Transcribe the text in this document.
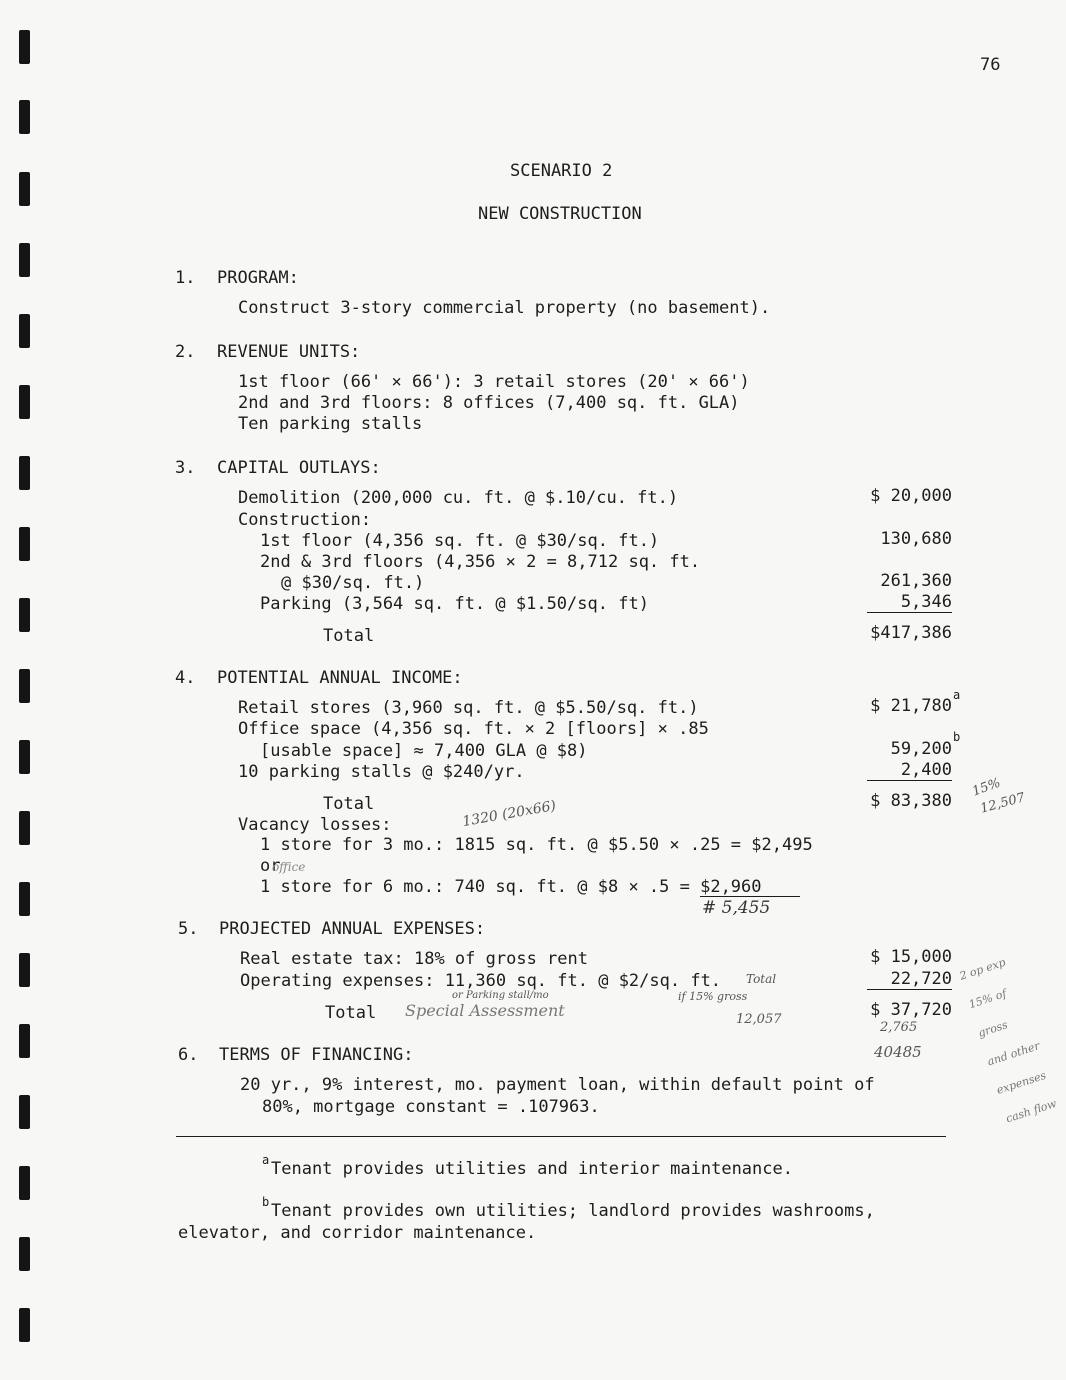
76
SCENARIO 2
NEW CONSTRUCTION
1. PROGRAM:
Construct 3-story commercial property (no basement).
2. REVENUE UNITS:
1st floor (66' × 66'): 3 retail stores (20' × 66')
2nd and 3rd floors: 8 offices (7,400 sq. ft. GLA)
Ten parking stalls
3. CAPITAL OUTLAYS:
Demolition (200,000 cu. ft. @ $.10/cu. ft.)	$ 20,000
Construction:
1st floor (4,356 sq. ft. @ $30/sq. ft.)	130,680
2nd & 3rd floors (4,356 × 2 = 8,712 sq. ft.
@ $30/sq. ft.)	261,360
Parking (3,564 sq. ft. @ $1.50/sq. ft)	5,346
Total	$417,386
4. POTENTIAL ANNUAL INCOME:
Retail stores (3,960 sq. ft. @ $5.50/sq. ft.)	$ 21,780
a
Office space (4,356 sq. ft. × 2 [floors] × .85
[usable space] ≈ 7,400 GLA @ $8)	59,200
b
10 parking stalls @ $240/yr.	2,400
Total	$ 83,380
Vacancy losses:
1 store for 3 mo.: 1815 sq. ft. @ $5.50 × .25 = $2,495
or
1 store for 6 mo.: 740 sq. ft. @ $8 × .5 = $2,960
5. PROJECTED ANNUAL EXPENSES:
Real estate tax: 18% of gross rent	$ 15,000
Operating expenses: 11,360 sq. ft. @ $2/sq. ft.	22,720
Total	$ 37,720
6. TERMS OF FINANCING:
20 yr., 9% interest, mo. payment loan, within default point of
80%, mortgage constant = .107963.
a Tenant provides utilities and interior maintenance.
b Tenant provides own utilities; landlord provides washrooms,
elevator, and corridor maintenance.
1320 (20x66)
office
# 5,455
15%
12,507
Total
if 15% gross
or Parking stall/mo
Special Assessment	12,057
2,765
40485
2 op exp
15% of
gross
and other
expenses
cash flow
